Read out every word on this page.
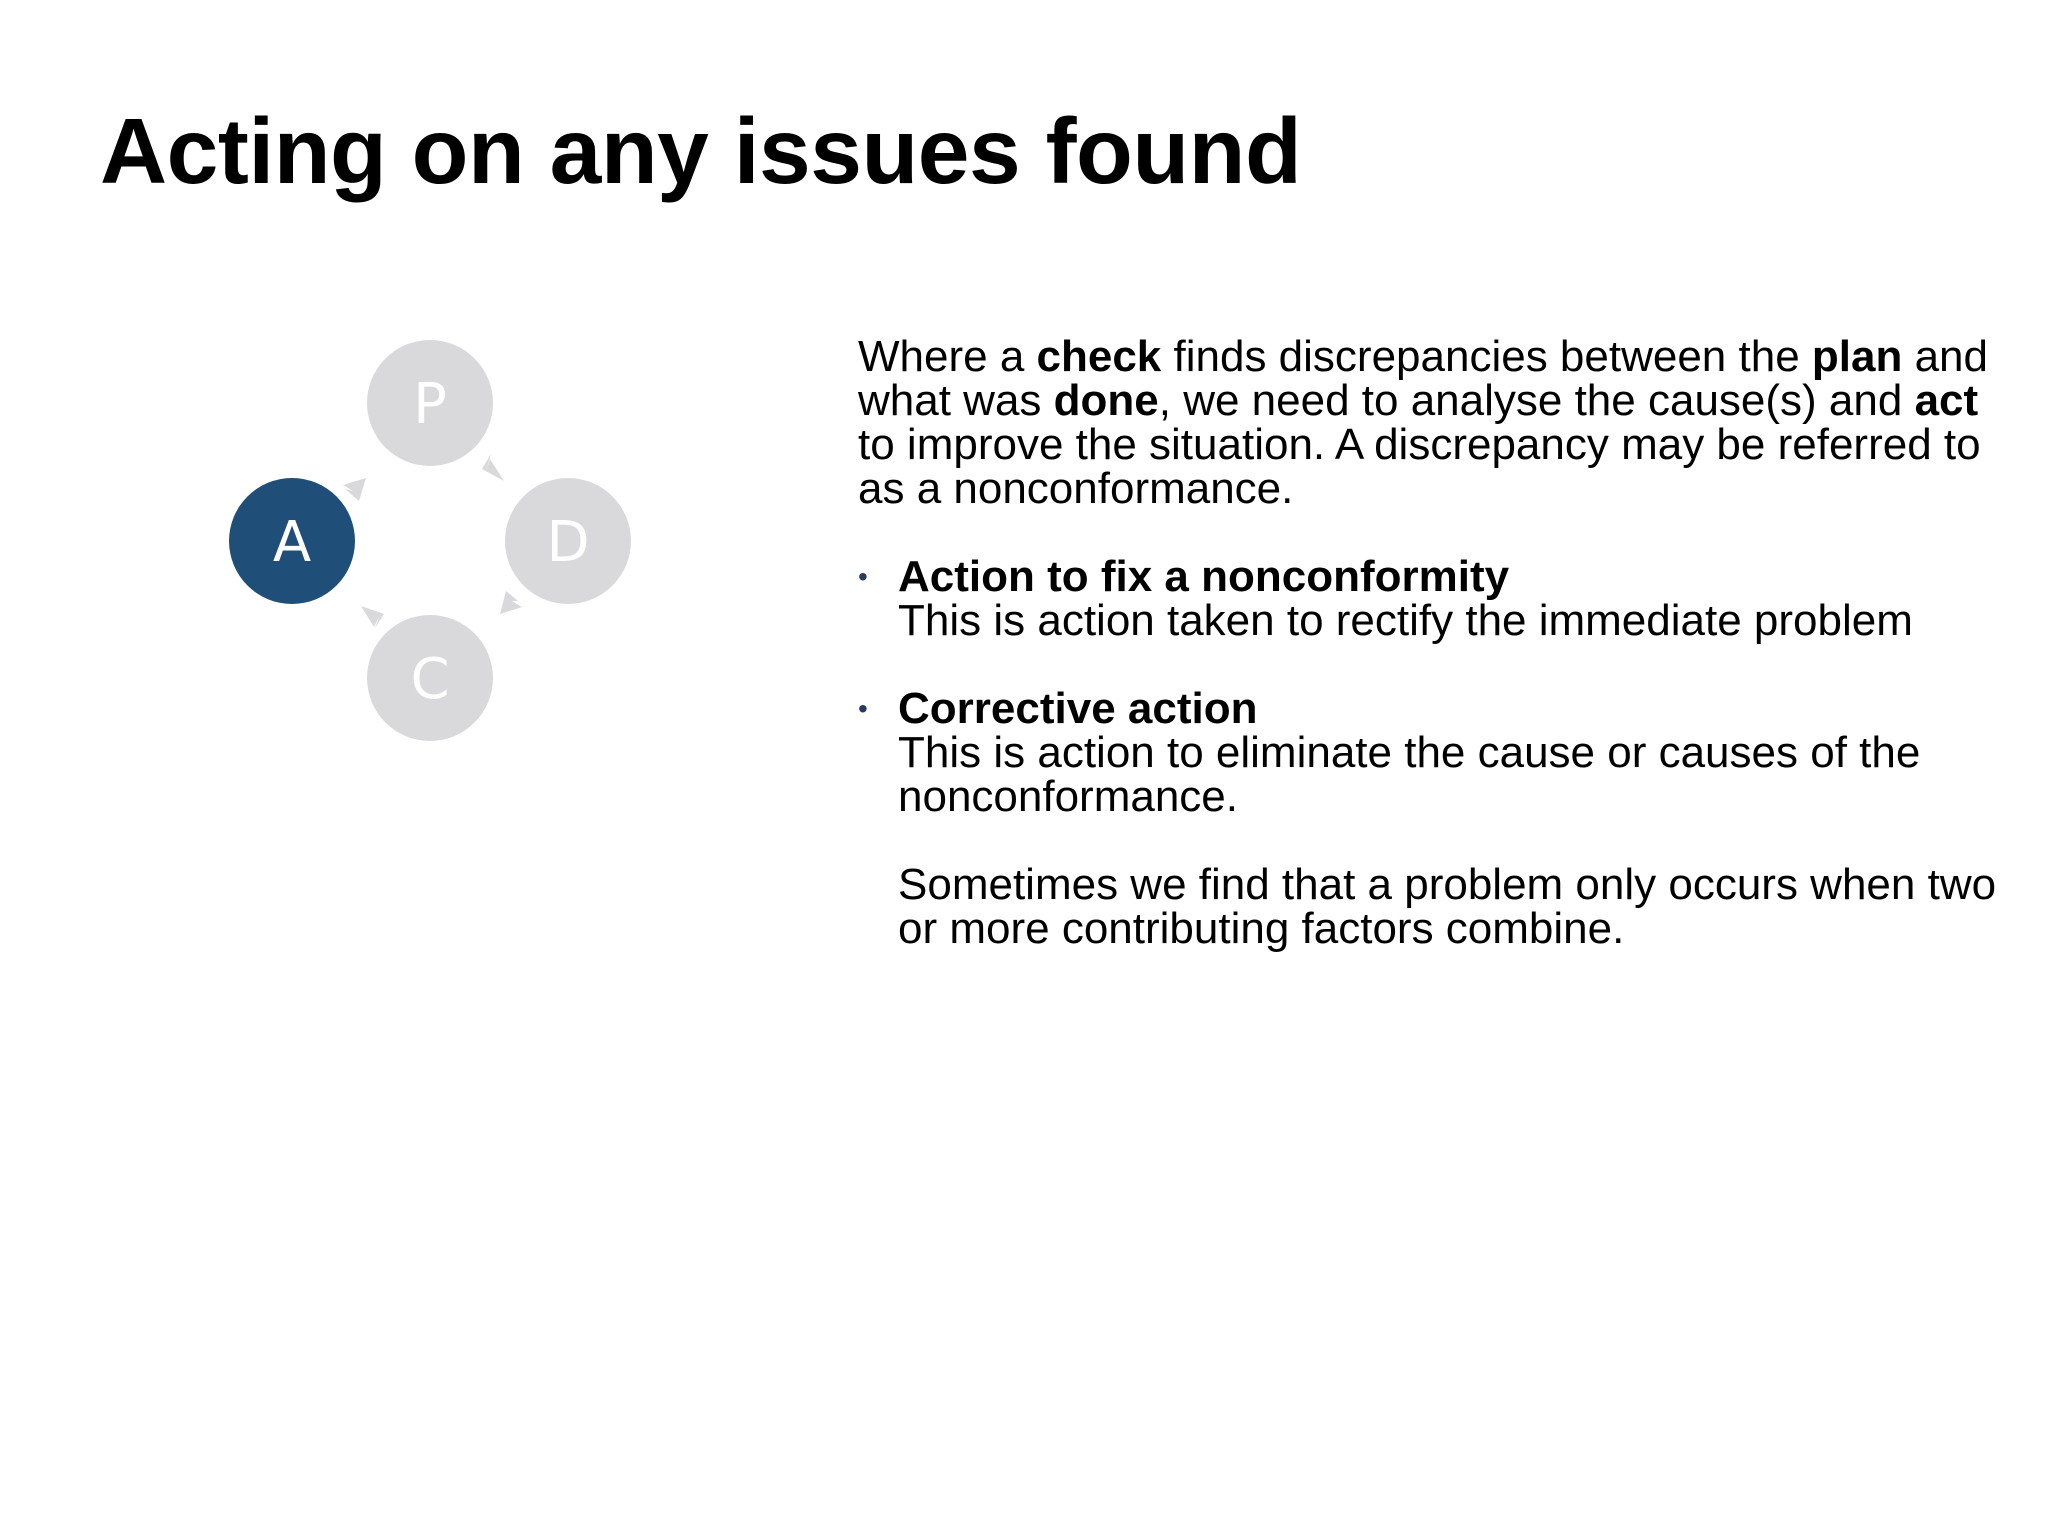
Acting on any issues found
P
D
C
A

Where a check finds discrepancies between the plan and what was done, we need to analyse the cause(s) and act to improve the situation. A discrepancy may be referred to as a nonconformance.

• Action to fix a nonconformity
This is action taken to rectify the immediate problem
• Corrective action
This is action to eliminate the cause or causes of the nonconformance.
Sometimes we find that a problem only occurs when two or more contributing factors combine.
